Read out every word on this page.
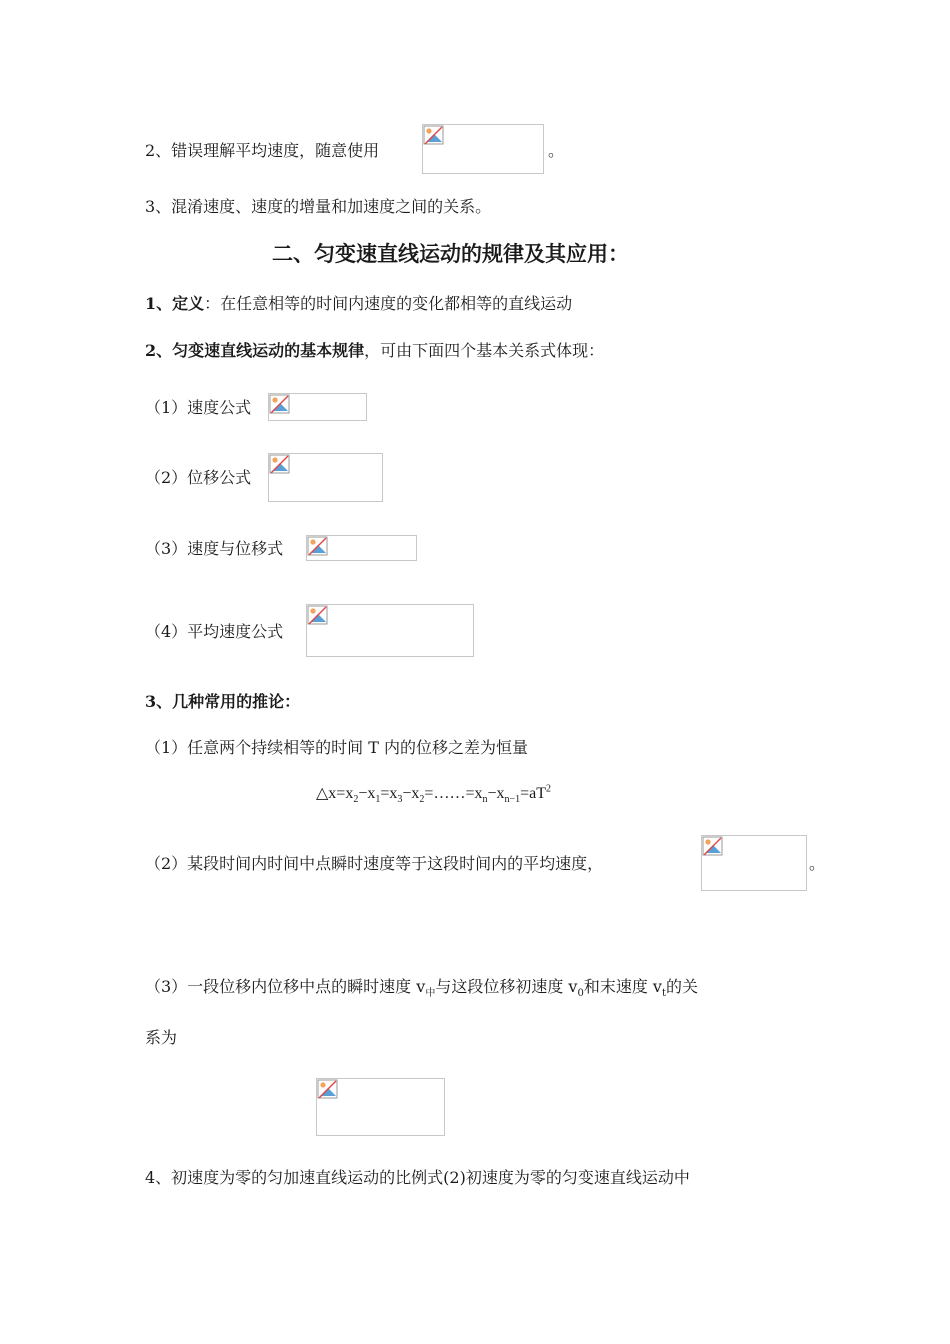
2、错误理解平均速度，随意使用	。
3、混淆速度、速度的增量和加速度之间的关系。
二、匀变速直线运动的规律及其应用：
1、定义：在任意相等的时间内速度的变化都相等的直线运动
2、匀变速直线运动的基本规律，可由下面四个基本关系式体现：
（1）速度公式
（2）位移公式
（3）速度与位移式
（4）平均速度公式
3、几种常用的推论：
（1）任意两个持续相等的时间 T 内的位移之差为恒量
$\triangle x=x_2-x_1=x_3-x_2=\dots\dots=x_n-x_{n-1}=aT^2$
（2）某段时间内时间中点瞬时速度等于这段时间内的平均速度，	。
（3）一段位移内位移中点的瞬时速度 $v_中$与这段位移初速度 $v_0$和末速度 $v_t$的关
系为
4、初速度为零的匀加速直线运动的比例式(2)初速度为零的匀变速直线运动中
